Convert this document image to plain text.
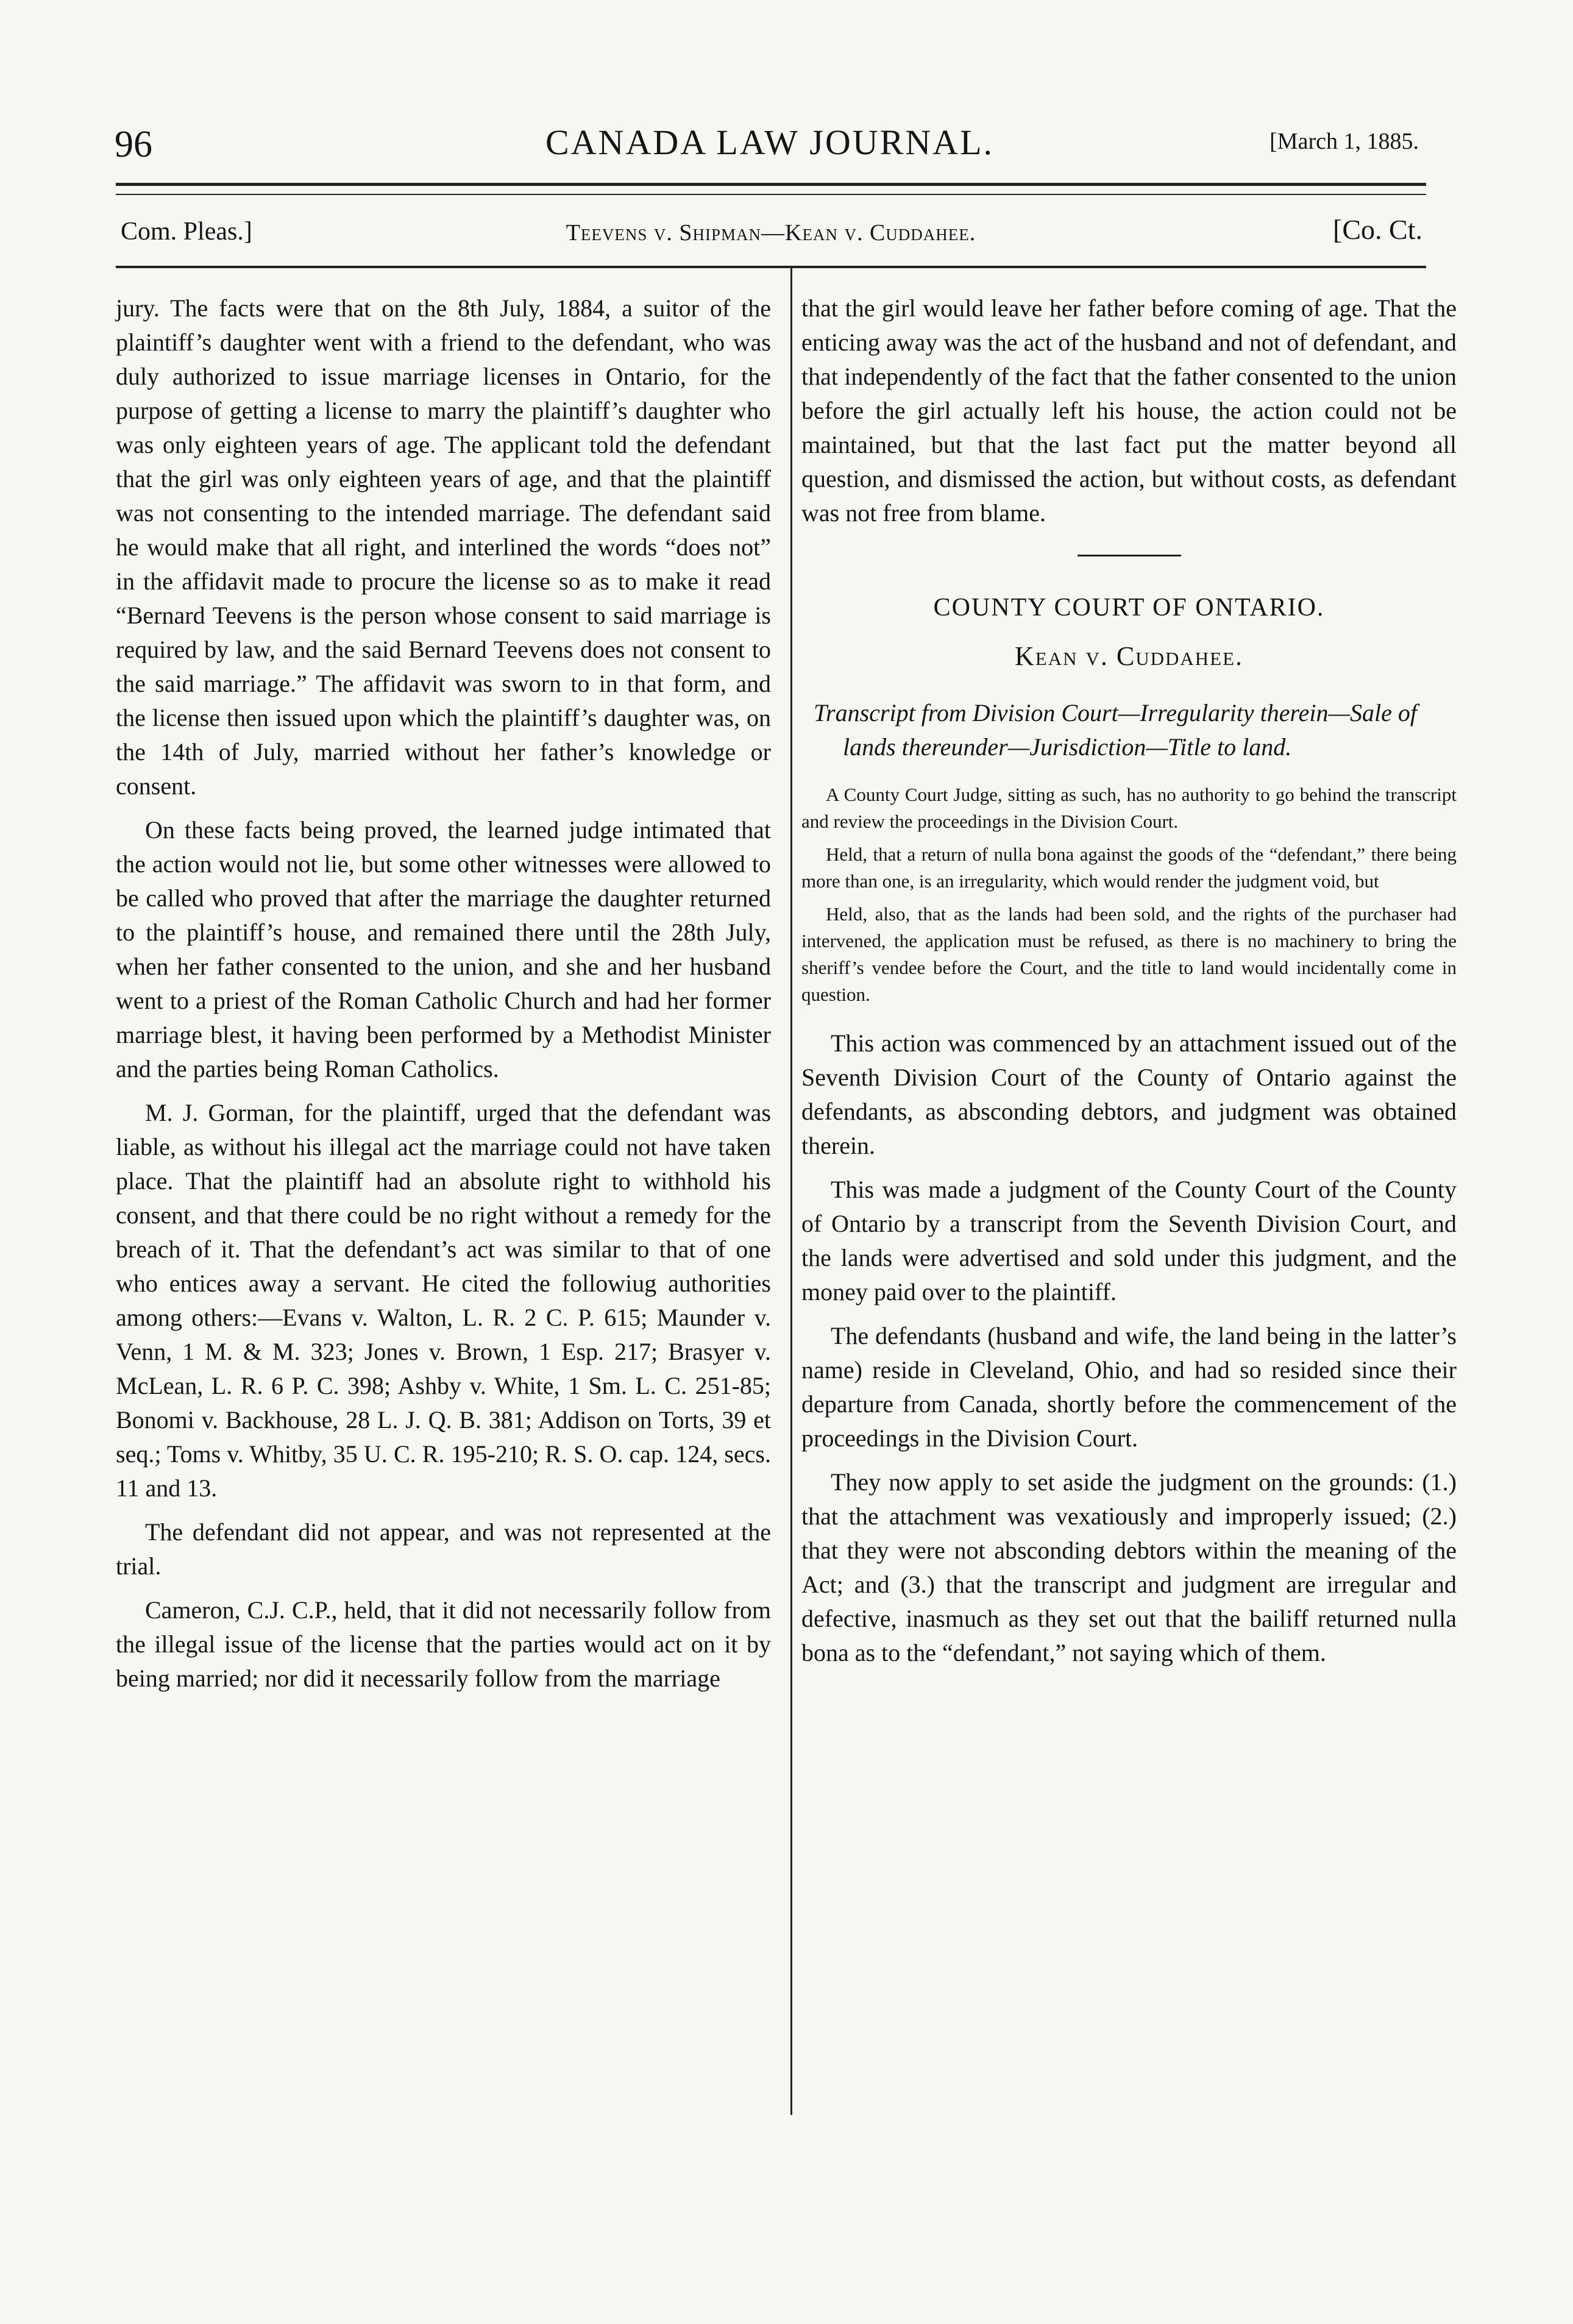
96	CANADA LAW JOURNAL.	[March 1, 1885.
Com. Pleas.]	Teevens v. Shipman—Kean v. Cuddahee.	[Co. Ct.

jury. The facts were that on the 8th July, 1884, a suitor of the plaintiff’s daughter went with a friend to the defendant, who was duly authorized to issue marriage licenses in Ontario, for the purpose of getting a license to marry the plaintiff’s daughter who was only eighteen years of age. The applicant told the defendant that the girl was only eighteen years of age, and that the plaintiff was not consenting to the intended marriage. The defendant said he would make that all right, and interlined the words “does not” in the affidavit made to procure the license so as to make it read “Bernard Teevens is the person whose consent to said marriage is required by law, and the said Bernard Teevens does not consent to the said marriage.” The affidavit was sworn to in that form, and the license then issued upon which the plaintiff’s daughter was, on the 14th of July, married without her father’s knowledge or consent.

On these facts being proved, the learned judge intimated that the action would not lie, but some other witnesses were allowed to be called who proved that after the marriage the daughter returned to the plaintiff’s house, and remained there until the 28th July, when her father consented to the union, and she and her husband went to a priest of the Roman Catholic Church and had her former marriage blest, it having been performed by a Methodist Minister and the parties being Roman Catholics.

M. J. Gorman, for the plaintiff, urged that the defendant was liable, as without his illegal act the marriage could not have taken place. That the plaintiff had an absolute right to withhold his consent, and that there could be no right without a remedy for the breach of it. That the defendant’s act was similar to that of one who entices away a servant. He cited the followiug authorities among others:—Evans v. Walton, L. R. 2 C. P. 615; Maunder v. Venn, 1 M. & M. 323; Jones v. Brown, 1 Esp. 217; Brasyer v. McLean, L. R. 6 P. C. 398; Ashby v. White, 1 Sm. L. C. 251-85; Bonomi v. Backhouse, 28 L. J. Q. B. 381; Addison on Torts, 39 et seq.; Toms v. Whitby, 35 U. C. R. 195-210; R. S. O. cap. 124, secs. 11 and 13.

The defendant did not appear, and was not represented at the trial.

Cameron, C.J. C.P., held, that it did not necessarily follow from the illegal issue of the license that the parties would act on it by being married; nor did it necessarily follow from the marriage

that the girl would leave her father before coming of age. That the enticing away was the act of the husband and not of defendant, and that independently of the fact that the father consented to the union before the girl actually left his house, the action could not be maintained, but that the last fact put the matter beyond all question, and dismissed the action, but without costs, as defendant was not free from blame.

COUNTY COURT OF ONTARIO.
Kean v. Cuddahee.

Transcript from Division Court—Irregularity therein—Sale of lands thereunder—Jurisdiction—Title to land.

A County Court Judge, sitting as such, has no authority to go behind the transcript and review the proceedings in the Division Court.

Held, that a return of nulla bona against the goods of the “defendant,” there being more than one, is an irregularity, which would render the judgment void, but

Held, also, that as the lands had been sold, and the rights of the purchaser had intervened, the application must be refused, as there is no machinery to bring the sheriff’s vendee before the Court, and the title to land would incidentally come in question.

This action was commenced by an attachment issued out of the Seventh Division Court of the County of Ontario against the defendants, as absconding debtors, and judgment was obtained therein.

This was made a judgment of the County Court of the County of Ontario by a transcript from the Seventh Division Court, and the lands were advertised and sold under this judgment, and the money paid over to the plaintiff.

The defendants (husband and wife, the land being in the latter’s name) reside in Cleveland, Ohio, and had so resided since their departure from Canada, shortly before the commencement of the proceedings in the Division Court.

They now apply to set aside the judgment on the grounds: (1.) that the attachment was vexatiously and improperly issued; (2.) that they were not absconding debtors within the meaning of the Act; and (3.) that the transcript and judgment are irregular and defective, inasmuch as they set out that the bailiff returned nulla bona as to the “defendant,” not saying which of them.
